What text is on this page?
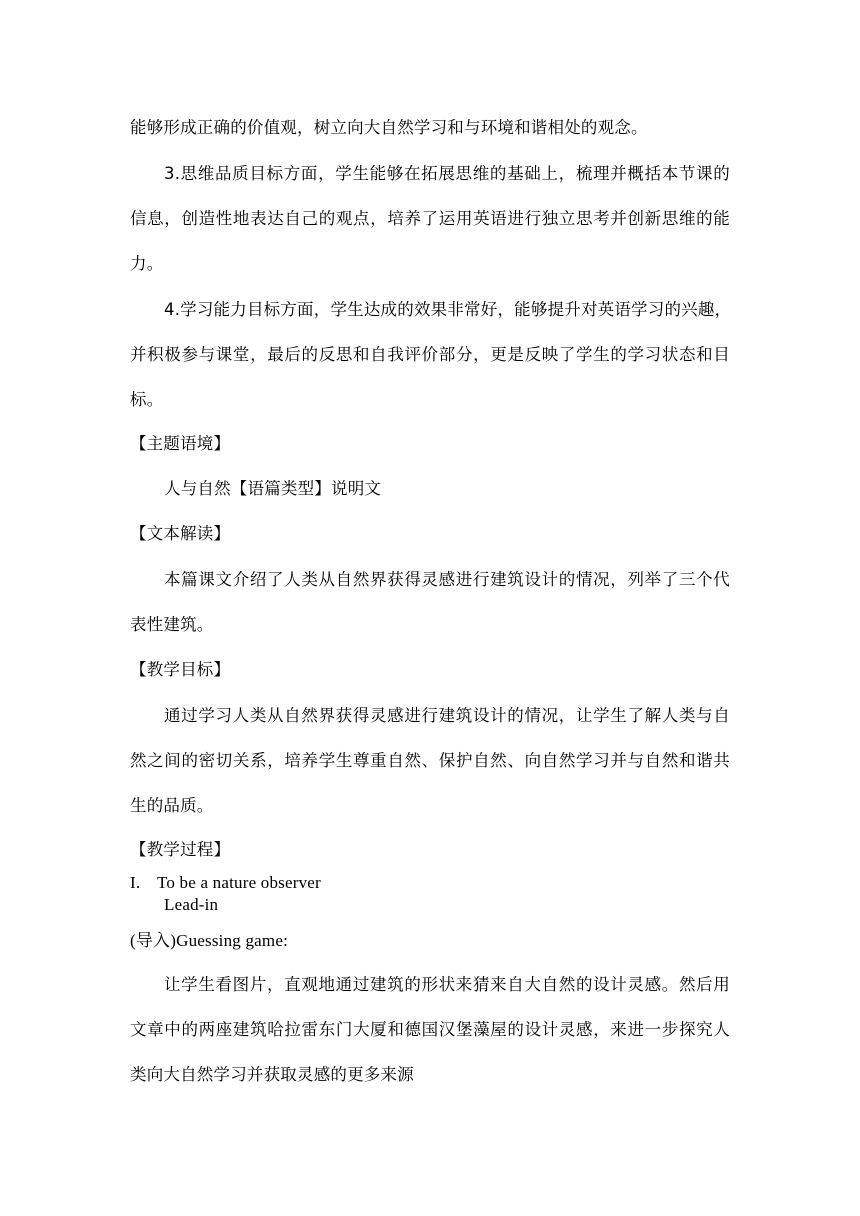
能够形成正确的价值观，树立向大自然学习和与环境和谐相处的观念。
3.思维品质目标方面，学生能够在拓展思维的基础上，梳理并概括本节课的
信息，创造性地表达自己的观点，培养了运用英语进行独立思考并创新思维的能
力。
4.学习能力目标方面，学生达成的效果非常好，能够提升对英语学习的兴趣，
并积极参与课堂，最后的反思和自我评价部分，更是反映了学生的学习状态和目
标。
【主题语境】
人与自然【语篇类型】说明文
【文本解读】
本篇课文介绍了人类从自然界获得灵感进行建筑设计的情况，列举了三个代
表性建筑。
【教学目标】
通过学习人类从自然界获得灵感进行建筑设计的情况，让学生了解人类与自
然之间的密切关系，培养学生尊重自然、保护自然、向自然学习并与自然和谐共
生的品质。
【教学过程】
I. To be a nature observer
Lead-in
(导入)Guessing game:
让学生看图片，直观地通过建筑的形状来猜来自大自然的设计灵感。然后用
文章中的两座建筑哈拉雷东门大厦和德国汉堡藻屋的设计灵感，来进一步探究人
类向大自然学习并获取灵感的更多来源
